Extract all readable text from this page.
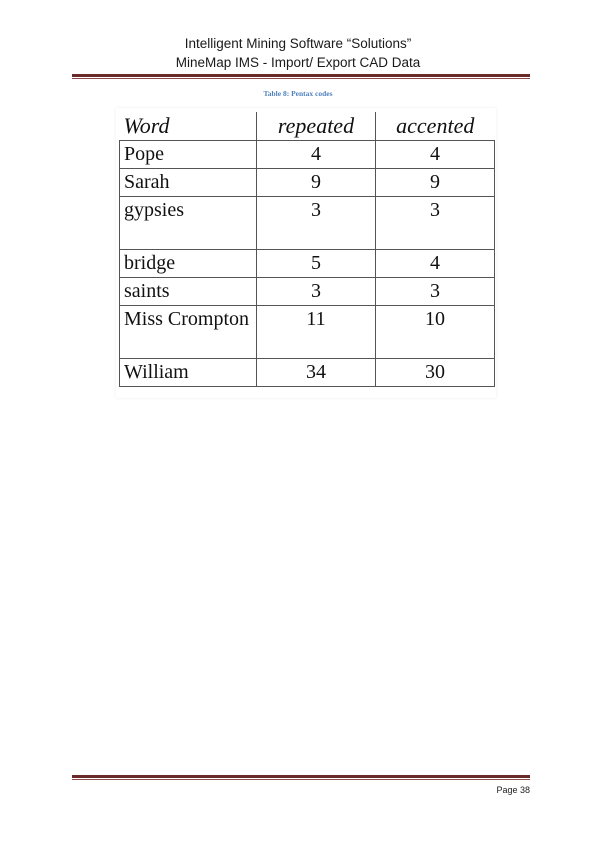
Intelligent Mining Software “Solutions”
MineMap IMS - Import/ Export CAD Data
Table 8: Pentax codes
Word	repeated	accented
Pope	4	4
Sarah	9	9
gypsies	3	3
bridge	5	4
saints	3	3
Miss Crompton	11	10
William	34	30
Page 38
